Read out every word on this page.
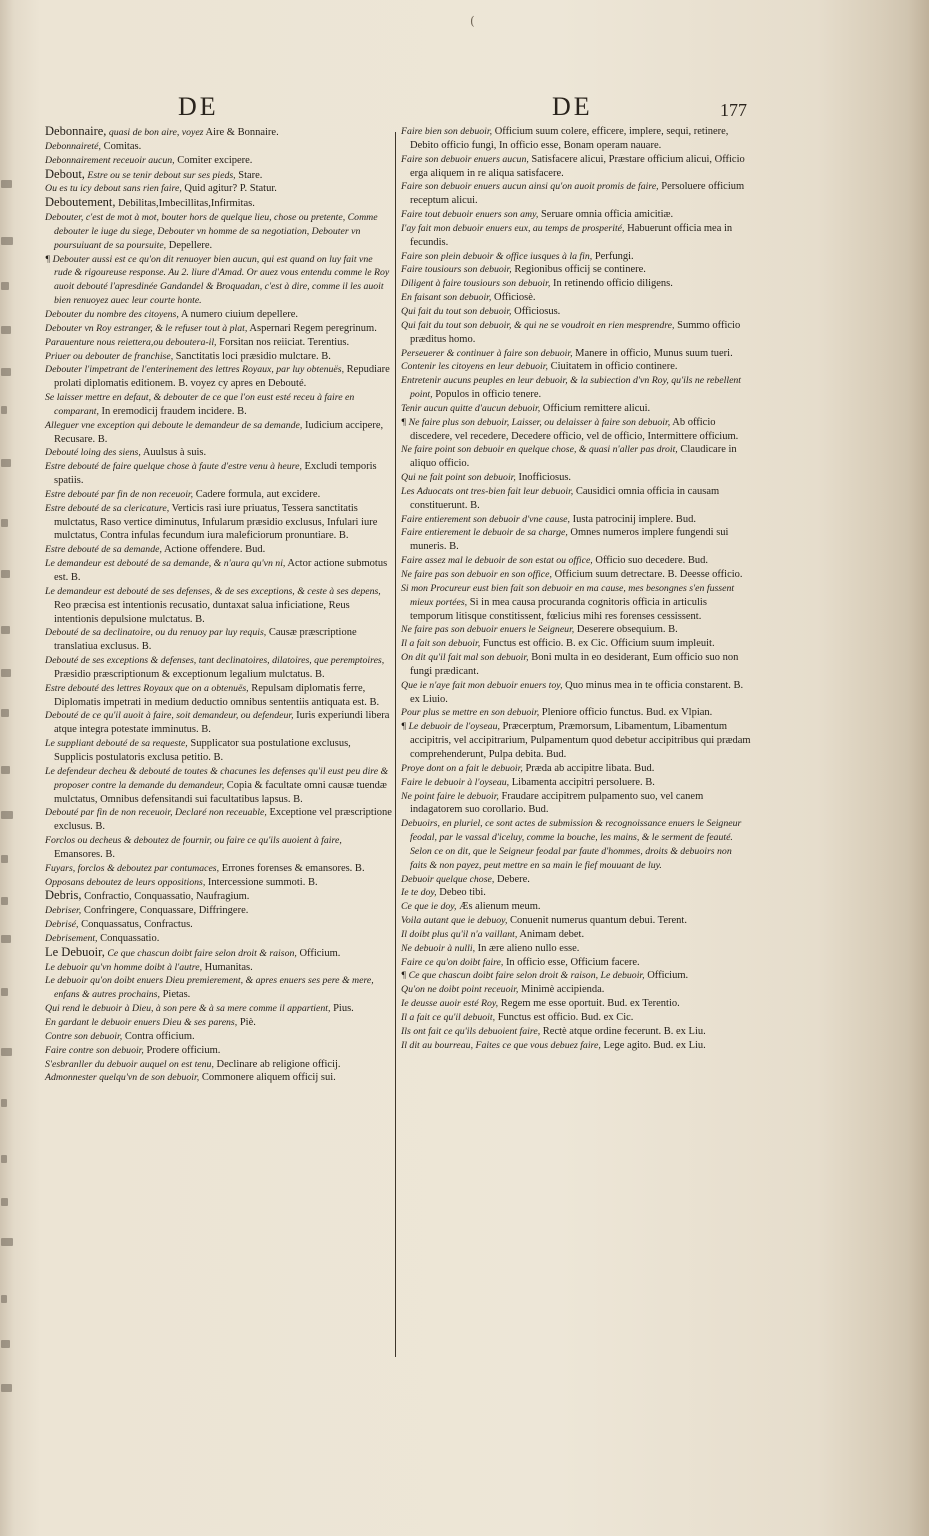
(
DE	DE	177

Debonnaire, quasi de bon aire, voyez Aire & Bonnaire.

Debonnaireté, Comitas.

Debonnairement receuoir aucun, Comiter excipere.

Debout, Estre ou se tenir debout sur ses pieds, Stare.

Ou es tu icy debout sans rien faire, Quid agitur? P. Statur.

Deboutement, Debilitas,Imbecillitas,Infirmitas.

Debouter, c'est de mot à mot, bouter hors de quelque lieu, chose ou pretente, Comme debouter le iuge du siege, Debouter vn homme de sa negotiation, Debouter vn poursuiuant de sa poursuite, Depellere.

¶ Debouter aussi est ce qu'on dit renuoyer bien aucun, qui est quand on luy fait vne rude & rigoureuse response. Au 2. liure d'Amad. Or auez vous entendu comme le Roy auoit debouté l'apresdinée Gandandel & Broquadan, c'est à dire, comme il les auoit bien renuoyez auec leur courte honte.

Debouter du nombre des citoyens, A numero ciuium depellere.

Debouter vn Roy estranger, & le refuser tout à plat, Aspernari Regem peregrinum.

Parauenture nous reiettera,ou deboutera-il, Forsitan nos reiiciat. Terentius.

Priuer ou debouter de franchise, Sanctitatis loci præsidio mulctare. B.

Debouter l'impetrant de l'enterinement des lettres Royaux, par luy obtenuës, Repudiare prolati diplomatis editionem. B. voyez cy apres en Debouté.

Se laisser mettre en defaut, & debouter de ce que l'on eust esté receu à faire en comparant, In eremodicij fraudem incidere. B.

Alleguer vne exception qui deboute le demandeur de sa demande, Iudicium accipere, Recusare. B.

Debouté loing des siens, Auulsus à suis.

Estre debouté de faire quelque chose à faute d'estre venu à heure, Excludi temporis spatiis.

Estre debouté par fin de non receuoir, Cadere formula, aut excidere.

Estre debouté de sa clericature, Verticis rasi iure priuatus, Tessera sanctitatis mulctatus, Raso vertice diminutus, Infularum præsidio exclusus, Infulari iure mulctatus, Contra infulas fecundum iura maleficiorum pronuntiare. B.

Estre debouté de sa demande, Actione offendere. Bud.

Le demandeur est debouté de sa demande, & n'aura qu'vn ni, Actor actione submotus est. B.

Le demandeur est debouté de ses defenses, & de ses exceptions, & ceste à ses depens, Reo præcisa est intentionis recusatio, duntaxat salua inficiatione, Reus intentionis depulsione mulctatus. B.

Debouté de sa declinatoire, ou du renuoy par luy requis, Causæ præscriptione translatiua exclusus. B.

Debouté de ses exceptions & defenses, tant declinatoires, dilatoires, que peremptoires, Præsidio præscriptionum & exceptionum legalium mulctatus. B.

Estre debouté des lettres Royaux que on a obtenuës, Repulsam diplomatis ferre, Diplomatis impetrati in medium deductio omnibus sententiis antiquata est. B.

Debouté de ce qu'il auoit à faire, soit demandeur, ou defendeur, Iuris experiundi libera atque integra potestate imminutus. B.

Le suppliant debouté de sa requeste, Supplicator sua postulatione exclusus, Supplicis postulatoris exclusa petitio. B.

Le defendeur decheu & debouté de toutes & chacunes les defenses qu'il eust peu dire & proposer contre la demande du demandeur, Copia & facultate omni causæ tuendæ mulctatus, Omnibus defensitandi sui facultatibus lapsus. B.

Debouté par fin de non receuoir, Declaré non receuable, Exceptione vel præscriptione exclusus. B.

Forclos ou decheus & deboutez de fournir, ou faire ce qu'ils auoient à faire, Emansores. B.

Fuyars, forclos & deboutez par contumaces, Errones forenses & emansores. B.

Opposans deboutez de leurs oppositions, Intercessione summoti. B.

Debris, Confractio, Conquassatio, Naufragium.

Debriser, Confringere, Conquassare, Diffringere.

Debrisé, Conquassatus, Confractus.

Debrisement, Conquassatio.

Le Debuoir, Ce que chascun doibt faire selon droit & raison, Officium.

Le debuoir qu'vn homme doibt à l'autre, Humanitas.

Le debuoir qu'on doibt enuers Dieu premierement, & apres enuers ses pere & mere, enfans & autres prochains, Pietas.

Qui rend le debuoir à Dieu, à son pere & à sa mere comme il appartient, Pius.

En gardant le debuoir enuers Dieu & ses parens, Piè.

Contre son debuoir, Contra officium.

Faire contre son debuoir, Prodere officium.

S'esbranller du debuoir auquel on est tenu, Declinare ab religione officij.

Admonnester quelqu'vn de son debuoir, Commonere aliquem officij sui.

Faire bien son debuoir, Officium suum colere, efficere, implere, sequi, retinere, Debito officio fungi, In officio esse, Bonam operam nauare.

Faire son debuoir enuers aucun, Satisfacere alicui, Præstare officium alicui, Officio erga aliquem in re aliqua satisfacere.

Faire son debuoir enuers aucun ainsi qu'on auoit promis de faire, Persoluere officium receptum alicui.

Faire tout debuoir enuers son amy, Seruare omnia officia amicitiæ.

I'ay fait mon debuoir enuers eux, au temps de prosperité, Habuerunt officia mea in fecundis.

Faire son plein debuoir & office iusques à la fin, Perfungi.

Faire tousiours son debuoir, Regionibus officij se continere.

Diligent à faire tousiours son debuoir, In retinendo officio diligens.

En faisant son debuoir, Officiosè.

Qui fait du tout son debuoir, Officiosus.

Qui fait du tout son debuoir, & qui ne se voudroit en rien mesprendre, Summo officio præditus homo.

Perseuerer & continuer à faire son debuoir, Manere in officio, Munus suum tueri.

Contenir les citoyens en leur debuoir, Ciuitatem in officio continere.

Entretenir aucuns peuples en leur debuoir, & la subiection d'vn Roy, qu'ils ne rebellent point, Populos in officio tenere.

Tenir aucun quitte d'aucun debuoir, Officium remittere alicui.

¶ Ne faire plus son debuoir, Laisser, ou delaisser à faire son debuoir, Ab officio discedere, vel recedere, Decedere officio, vel de officio, Intermittere officium.

Ne faire point son debuoir en quelque chose, & quasi n'aller pas droit, Claudicare in aliquo officio.

Qui ne fait point son debuoir, Inofficiosus.

Les Aduocats ont tres-bien fait leur debuoir, Causidici omnia officia in causam constituerunt. B.

Faire entierement son debuoir d'vne cause, Iusta patrocinij implere. Bud.

Faire entierement le debuoir de sa charge, Omnes numeros implere fungendi sui muneris. B.

Faire assez mal le debuoir de son estat ou office, Officio suo decedere. Bud.

Ne faire pas son debuoir en son office, Officium suum detrectare. B. Deesse officio.

Si mon Procureur eust bien fait son debuoir en ma cause, mes besongnes s'en fussent mieux portées, Si in mea causa procuranda cognitoris officia in articulis temporum litisque constitissent, fœlicius mihi res forenses cessissent.

Ne faire pas son debuoir enuers le Seigneur, Deserere obsequium. B.

Il a fait son debuoir, Functus est officio. B. ex Cic. Officium suum impleuit.

On dit qu'il fait mal son debuoir, Boni multa in eo desiderant, Eum officio suo non fungi prædicant.

Que ie n'aye fait mon debuoir enuers toy, Quo minus mea in te officia constarent. B. ex Liuio.

Pour plus se mettre en son debuoir, Pleniore officio functus. Bud. ex Vlpian.

¶ Le debuoir de l'oyseau, Præcerptum, Præmorsum, Libamentum, Libamentum accipitris, vel accipitrarium, Pulpamentum quod debetur accipitribus qui prædam comprehenderunt, Pulpa debita. Bud.

Proye dont on a fait le debuoir, Præda ab accipitre libata. Bud.

Faire le debuoir à l'oyseau, Libamenta accipitri persoluere. B.

Ne point faire le debuoir, Fraudare accipitrem pulpamento suo, vel canem indagatorem suo corollario. Bud.

Debuoirs, en pluriel, ce sont actes de submission & recognoissance enuers le Seigneur feodal, par le vassal d'iceluy, comme la bouche, les mains, & le serment de feauté. Selon ce on dit, que le Seigneur feodal par faute d'hommes, droits & debuoirs non faits & non payez, peut mettre en sa main le fief mouuant de luy.

Debuoir quelque chose, Debere.

Ie te doy, Debeo tibi.

Ce que ie doy, Æs alienum meum.

Voila autant que ie debuoy, Conuenit numerus quantum debui. Terent.

Il doibt plus qu'il n'a vaillant, Animam debet.

Ne debuoir à nulli, In ære alieno nullo esse.

Faire ce qu'on doibt faire, In officio esse, Officium facere.

¶ Ce que chascun doibt faire selon droit & raison, Le debuoir, Officium.

Qu'on ne doibt point receuoir, Minimè accipienda.

Ie deusse auoir esté Roy, Regem me esse oportuit. Bud. ex Terentio.

Il a fait ce qu'il debuoit, Functus est officio. Bud. ex Cic.

Ils ont fait ce qu'ils debuoient faire, Rectè atque ordine fecerunt. B. ex Liu.

Il dit au bourreau, Faites ce que vous debuez faire, Lege agito. Bud. ex Liu.
